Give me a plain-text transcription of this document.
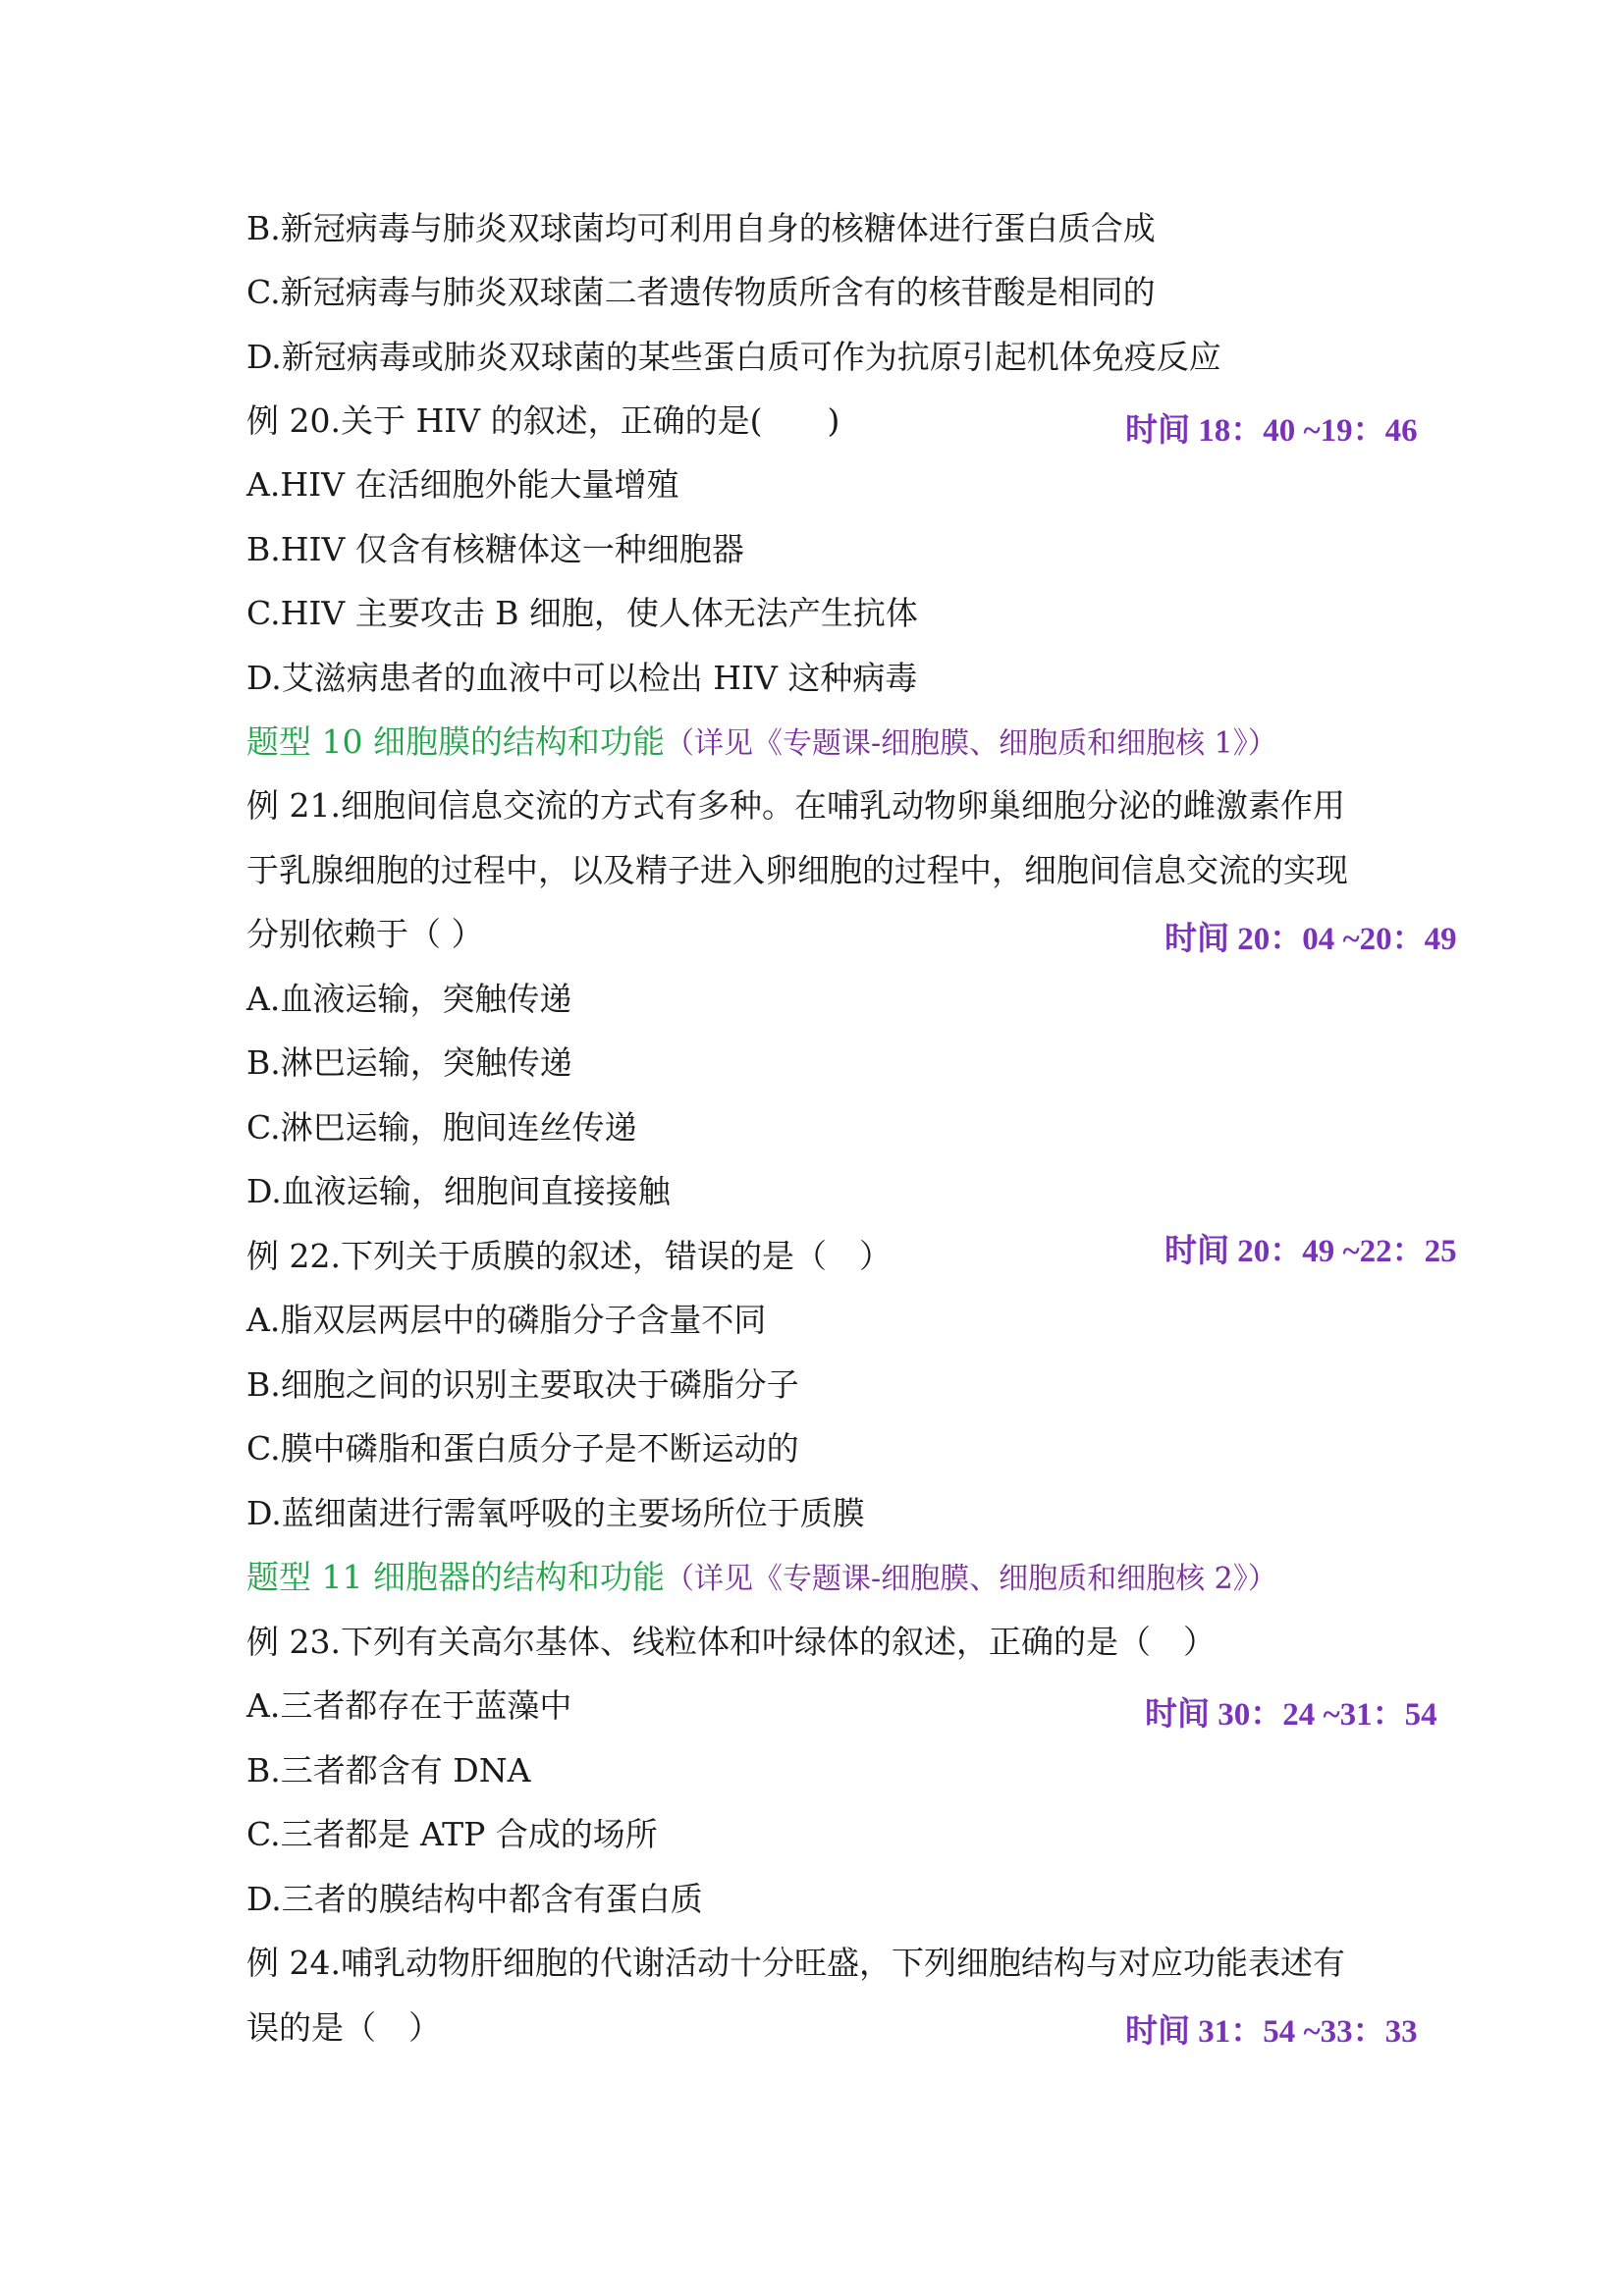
B.新冠病毒与肺炎双球菌均可利用自身的核糖体进行蛋白质合成
C.新冠病毒与肺炎双球菌二者遗传物质所含有的核苷酸是相同的
D.新冠病毒或肺炎双球菌的某些蛋白质可作为抗原引起机体免疫反应
例 20.关于 HIV 的叙述，正确的是(　　)	时间 18：40 ~19：46
A.HIV 在活细胞外能大量增殖
B.HIV 仅含有核糖体这一种细胞器
C.HIV 主要攻击 B 细胞，使人体无法产生抗体
D.艾滋病患者的血液中可以检出 HIV 这种病毒
题型 10 细胞膜的结构和功能（详见《专题课-细胞膜、细胞质和细胞核 1》）
例 21.细胞间信息交流的方式有多种。在哺乳动物卵巢细胞分泌的雌激素作用
于乳腺细胞的过程中，以及精子进入卵细胞的过程中，细胞间信息交流的实现
分别依赖于（ ）	时间 20：04 ~20：49
A.血液运输，突触传递
B.淋巴运输，突触传递
C.淋巴运输，胞间连丝传递
D.血液运输，细胞间直接接触
例 22.下列关于质膜的叙述，错误的是（　）	时间 20：49 ~22：25
A.脂双层两层中的磷脂分子含量不同
B.细胞之间的识别主要取决于磷脂分子
C.膜中磷脂和蛋白质分子是不断运动的
D.蓝细菌进行需氧呼吸的主要场所位于质膜
题型 11 细胞器的结构和功能（详见《专题课-细胞膜、细胞质和细胞核 2》）
例 23.下列有关高尔基体、线粒体和叶绿体的叙述，正确的是（　）
A.三者都存在于蓝藻中	时间 30：24 ~31：54
B.三者都含有 DNA
C.三者都是 ATP 合成的场所
D.三者的膜结构中都含有蛋白质
例 24.哺乳动物肝细胞的代谢活动十分旺盛，下列细胞结构与对应功能表述有
误的是（　）	时间 31：54 ~33：33
